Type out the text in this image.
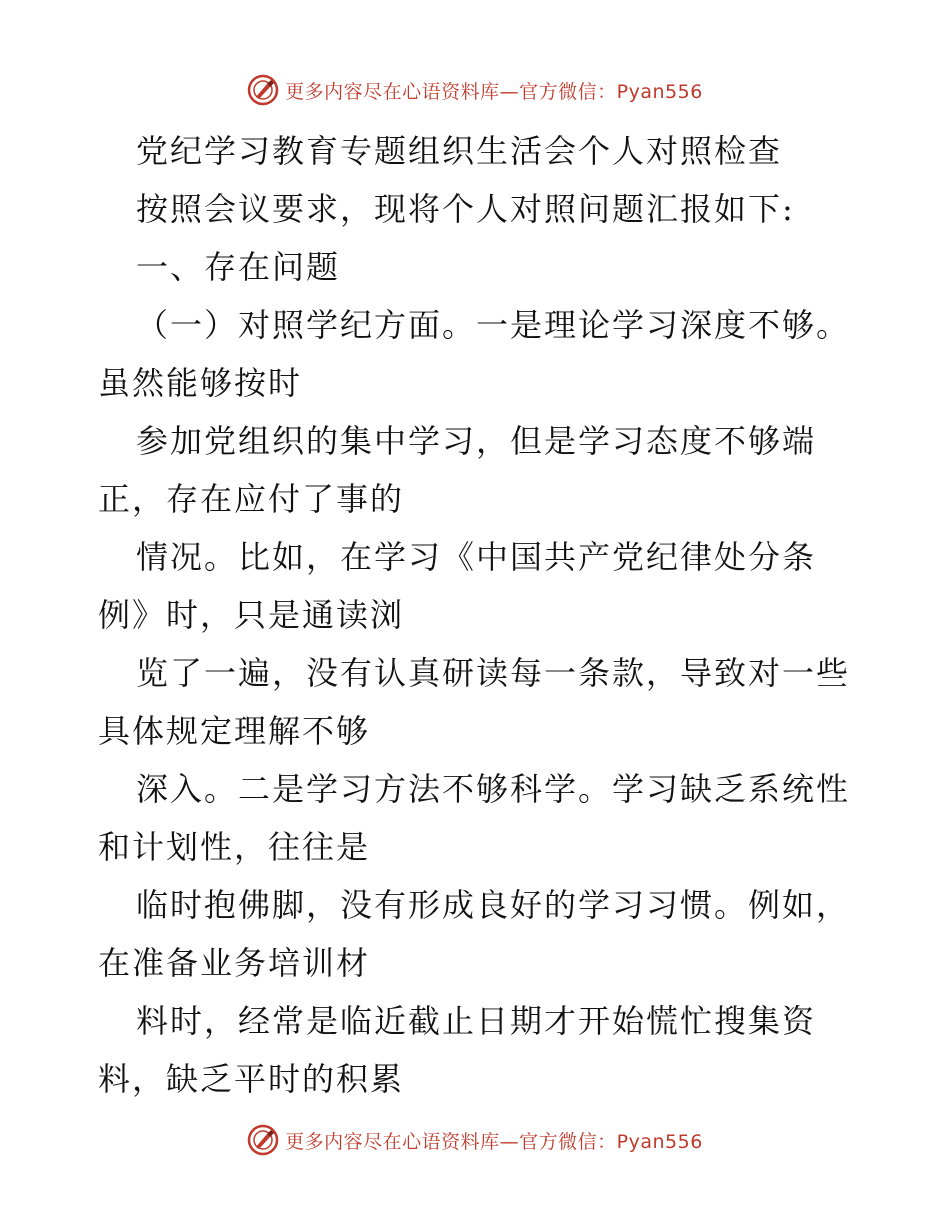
更多内容尽在心语资料库—官方微信：Pyan556
党纪学习教育专题组织生活会个人对照检查
按照会议要求，现将个人对照问题汇报如下:
一、存在问题
（一）对照学纪方面。一是理论学习深度不够。
虽然能够按时
参加党组织的集中学习，但是学习态度不够端
正，存在应付了事的
情况。比如，在学习《中国共产党纪律处分条
例》时，只是通读浏
览了一遍，没有认真研读每一条款，导致对一些
具体规定理解不够
深入。二是学习方法不够科学。学习缺乏系统性
和计划性，往往是
临时抱佛脚，没有形成良好的学习习惯。例如，
在准备业务培训材
料时，经常是临近截止日期才开始慌忙搜集资
料，缺乏平时的积累
更多内容尽在心语资料库—官方微信：Pyan556
